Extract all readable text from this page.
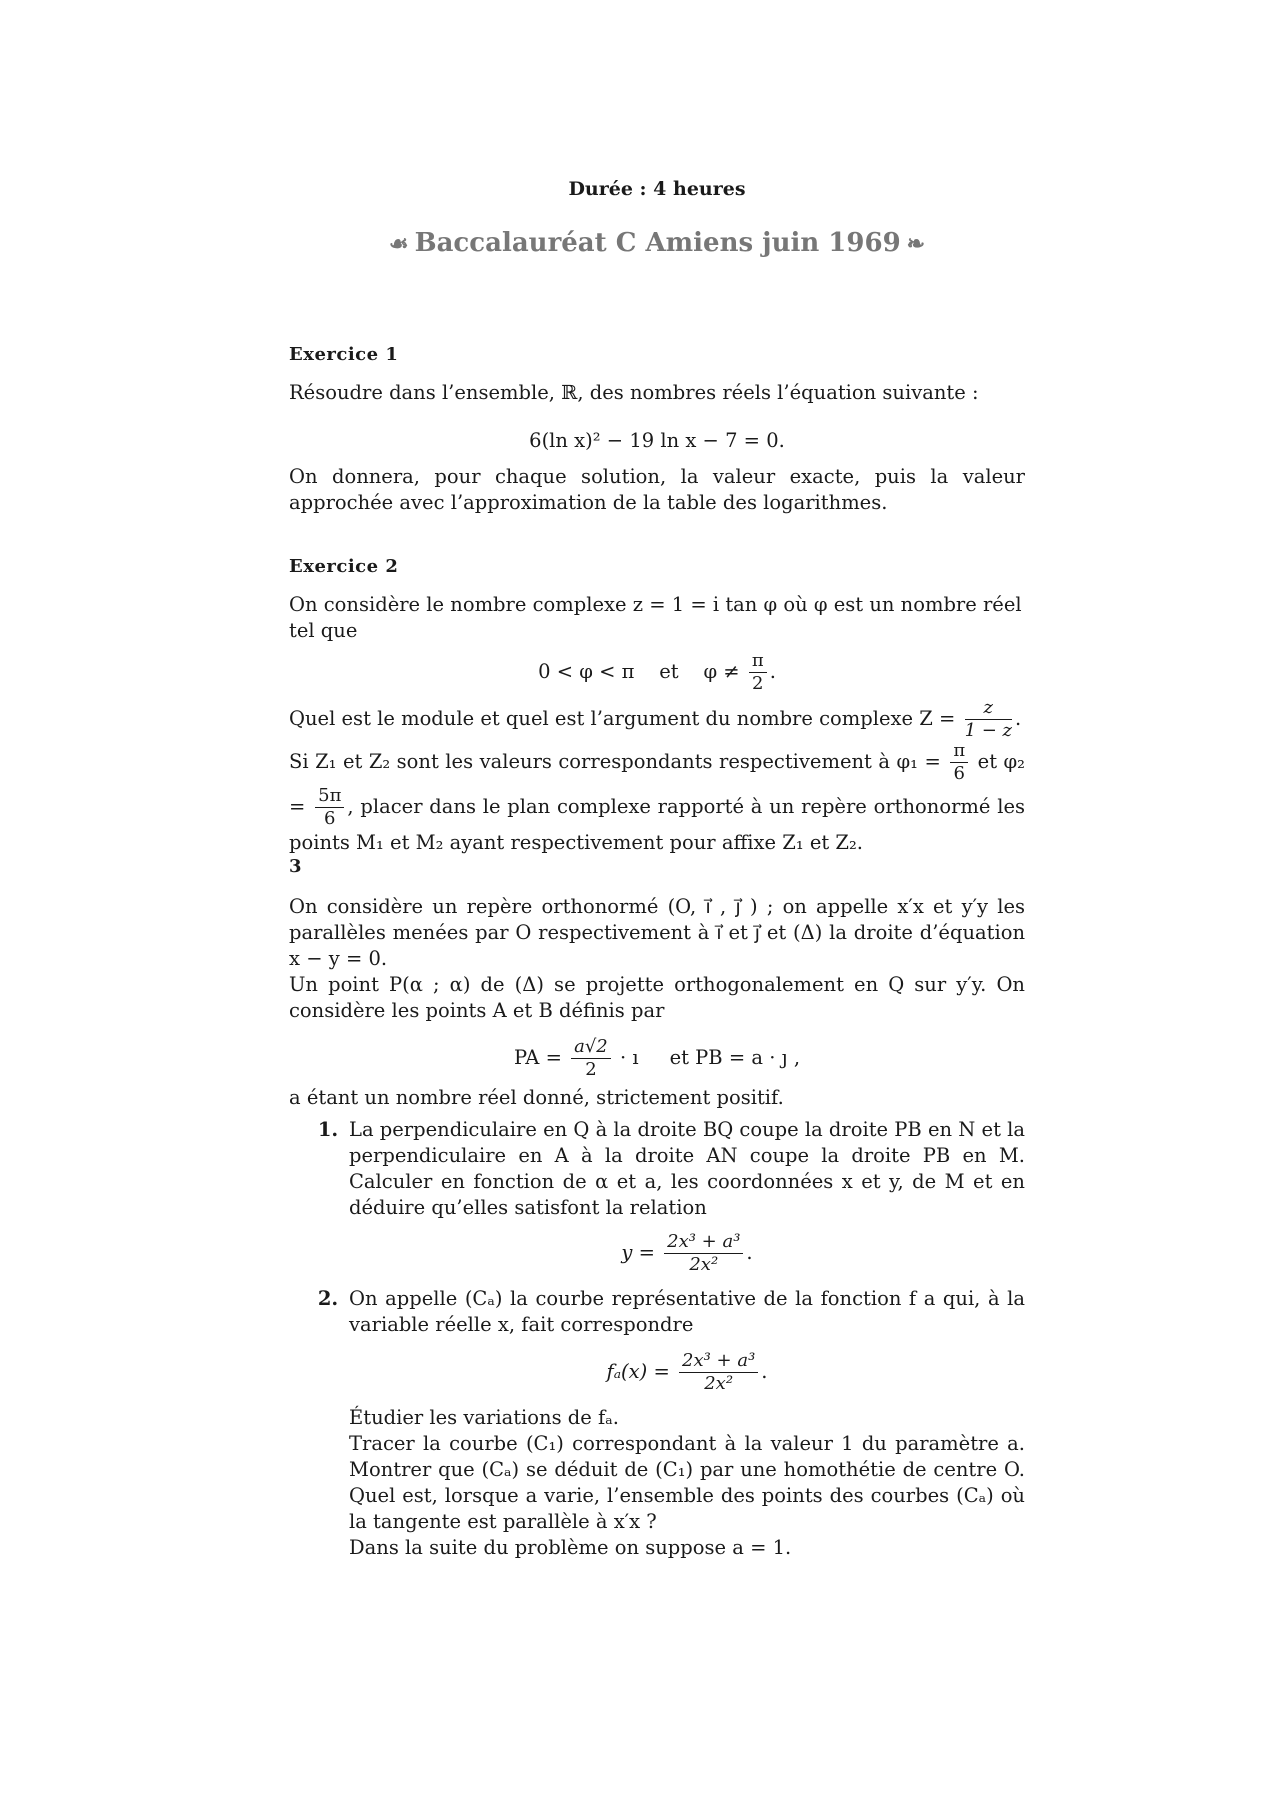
Durée : 4 heures
☙ Baccalauréat C Amiens juin 1969 ❧
Exercice 1
Résoudre dans l’ensemble, ℝ, des nombres réels l’équation suivante :
6(ln x)² − 19 ln x − 7 = 0.
On donnera, pour chaque solution, la valeur exacte, puis la valeur approchée avec l’approximation de la table des logarithmes.
Exercice 2
On considère le nombre complexe z = 1 = i tan φ où φ est un nombre réel tel que
0 < φ < π et $\varphi \ne \frac{\pi}{2}$ .
Quel est le module et quel est l’argument du nombre complexe $Z = \frac{z}{1 - z}$ .
Si Z₁ et Z₂ sont les valeurs correspondants respectivement à $\varphi_1 = \frac{\pi}{6}$ et $\varphi_2 = \frac{5\pi}{6}$ , placer dans le plan complexe rapporté à un repère orthonormé les points M₁ et M₂ ayant respectivement pour affixe Z₁ et Z₂.
3
On considère un repère orthonormé (O, ı⃗ , ȷ⃗ ) ; on appelle x′x et y′y les parallèles menées par O respectivement à ı⃗ et ȷ⃗ et (Δ) la droite d’équation x − y = 0.
Un point P(α ; α) de (Δ) se projette orthogonalement en Q sur y′y. On considère les points A et B définis par
PA = $\frac{a√2}{2}$ · ı et PB = a · ȷ ,
a étant un nombre réel donné, strictement positif.
1. La perpendiculaire en Q à la droite BQ coupe la droite PB en N et la perpendiculaire en A à la droite AN coupe la droite PB en M. Calculer en fonction de α et a, les coordonnées x et y, de M et en déduire qu’elles satisfont la relation
$y = \frac{\text{2x³ + a³}}{\text{2x²}}$ .
2. On appelle (Cₐ) la courbe représentative de la fonction f a qui, à la variable réelle x, fait correspondre
$f_a(x) = \frac{\text{2x³ + a³}}{\text{2x²}}$ .
Étudier les variations de fₐ.
Tracer la courbe (C₁) correspondant à la valeur 1 du paramètre a. Montrer que (Cₐ) se déduit de (C₁) par une homothétie de centre O. Quel est, lorsque a varie, l’ensemble des points des courbes (Cₐ) où la tangente est parallèle à x′x ?
Dans la suite du problème on suppose a = 1.
